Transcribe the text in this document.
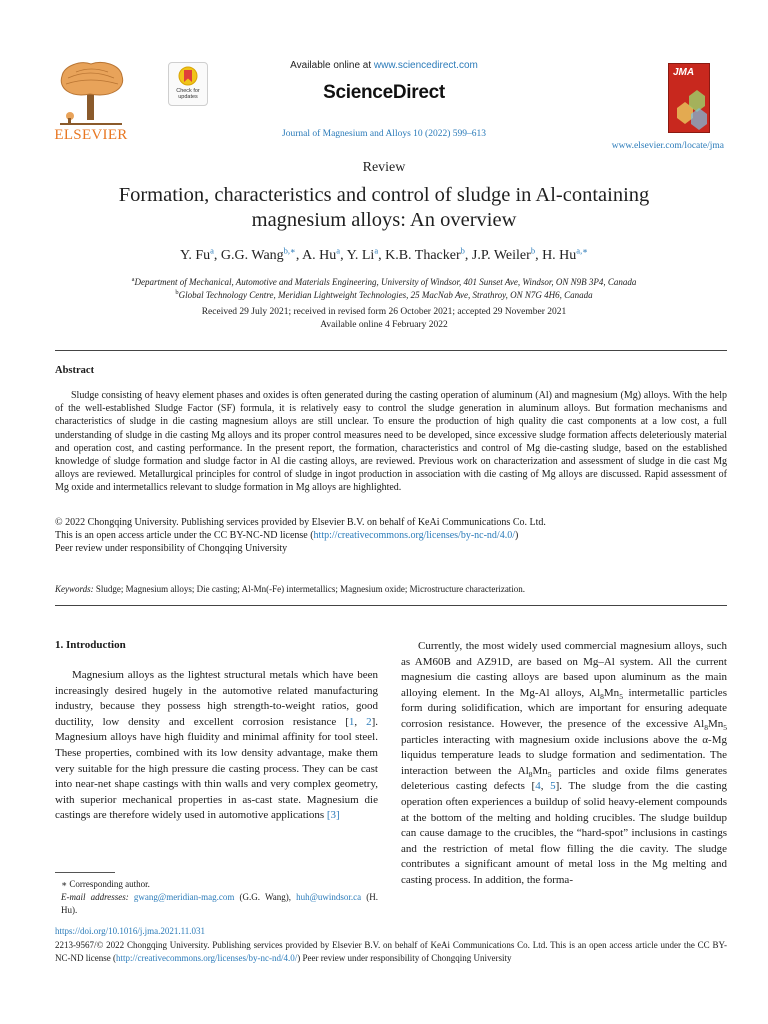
ELSEVIER
Check for updates
Available online at www.sciencedirect.com
ScienceDirect
Journal of Magnesium and Alloys 10 (2022) 599–613
JMA
www.elsevier.com/locate/jma
Review
Formation, characteristics and control of sludge in Al-containing magnesium alloys: An overview
Y. Fu$^a$, G.G. Wang$^{b,∗}$, A. Hu$^a$, Y. Li$^a$, K.B. Thacker$^b$, J.P. Weiler$^b$, H. $Hu^{a,∗}$
$^a$Department of Mechanical, Automotive and Materials Engineering, University of Windsor, 401 Sunset Ave, Windsor, ON N9B 3P4, Canada
$^b$Global Technology Centre, Meridian Lightweight Technologies, 25 MacNab Ave, Strathroy, ON N7G 4H6, Canada
Received 29 July 2021; received in revised form 26 October 2021; accepted 29 November 2021
Available online 4 February 2022
Abstract
Sludge consisting of heavy element phases and oxides is often generated during the casting operation of aluminum (Al) and magnesium (Mg) alloys. With the help of the well-established Sludge Factor (SF) formula, it is relatively easy to control the sludge generation in aluminum alloys. But formation mechanisms and characteristics of sludge in die casting magnesium alloys are still unclear. To ensure the production of high quality die cast components at a low cost, a full understanding of sludge in die casting Mg alloys and its proper control measures need to be developed, since excessive sludge formation affects deleteriously material and operation cost, and casting performance. In the present report, the formation, characteristics and control of Mg die-casting sludge, based on the established knowledge of sludge formation and sludge factor in Al die casting alloys, are reviewed. Previous work on characterization and assessment of sludge in die cast Mg alloys are reviewed. Metallurgical principles for control of sludge in ingot production in association with die casting of Mg alloys are discussed. Rapid assessment of Mg oxide and intermetallics relevant to sludge formation in Mg alloys are highlighted.
© 2022 Chongqing University. Publishing services provided by Elsevier B.V. on behalf of KeAi Communications Co. Ltd.
This is an open access article under the CC BY-NC-ND license (http://creativecommons.org/licenses/by-nc-nd/4.0/)
Peer review under responsibility of Chongqing University
Keywords: Sludge; Magnesium alloys; Die casting; Al-Mn(-Fe) intermetallics; Magnesium oxide; Microstructure characterization.
1. Introduction
Magnesium alloys as the lightest structural metals which have been increasingly desired hugely in the automotive related manufacturing industry, because they possess high strength-to-weight ratios, good ductility, low density and excellent corrosion resistance [1, 2]. Magnesium alloys have high fluidity and minimal affinity for tool steel. These properties, combined with its low density advantage, make them very suitable for the high pressure die casting process. They can be cast into near-net shape castings with thin walls and very complex geometry, with superior mechanical properties in as-cast state. Magnesium die castings are therefore widely used in automotive applications [3]
Currently, the most widely used commercial magnesium alloys, such as AM60B and AZ91D, are based on Mg–Al system. All the current magnesium die casting alloys are based upon aluminum as the main alloying element. In the Mg-Al alloys, $Al_8Mn_5$ intermetallic particles form during solidification, which are important for ensuring adequate corrosion resistance. However, the presence of the excessive $Al_8Mn_5$ particles interacting with magnesium oxide inclusions above the α-Mg liquidus temperature leads to sludge formation and sedimentation. The interaction between the $Al_8Mn_5$ particles and oxide films generates deleterious casting defects [4, 5]. The sludge from the die casting operation often experiences a buildup of solid heavy-element compounds at the bottom of the melting and holding crucibles. The sludge buildup can cause damage to the crucibles, the “hard-spot” inclusions in castings and the restriction of metal flow filling the die cavity. The sludge contributes a significant amount of metal loss in the Mg melting and casting process. In addition, the forma-
∗ Corresponding author.
E-mail addresses: gwang@meridian-mag.com (G.G. Wang), huh@uwindsor.ca (H. Hu).
https://doi.org/10.1016/j.jma.2021.11.031
2213-9567/© 2022 Chongqing University. Publishing services provided by Elsevier B.V. on behalf of KeAi Communications Co. Ltd. This is an open access article under the CC BY-NC-ND license (http://creativecommons.org/licenses/by-nc-nd/4.0/) Peer review under responsibility of Chongqing University
